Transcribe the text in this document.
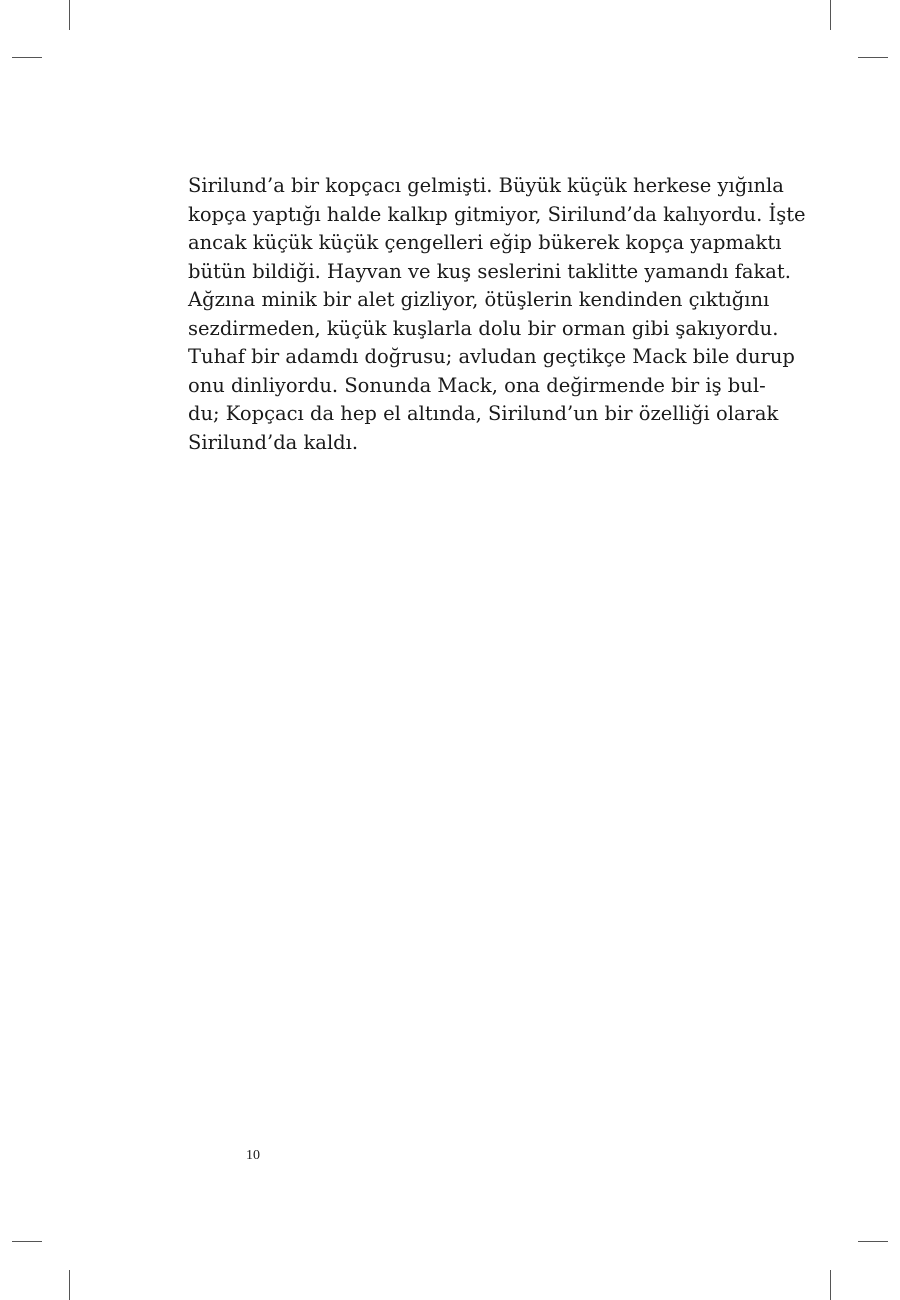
Sirilund’a bir kopçacı gelmişti. Büyük küçük herkese yığınla
kopça yaptığı halde kalkıp gitmiyor, Sirilund’da kalıyordu. İşte
ancak küçük küçük çengelleri eğip bükerek kopça yapmaktı
bütün bildiği. Hayvan ve kuş seslerini taklitte yamandı fakat.
Ağzına minik bir alet gizliyor, ötüşlerin kendinden çıktığını
sezdirmeden, küçük kuşlarla dolu bir orman gibi şakıyordu.
Tuhaf bir adamdı doğrusu; avludan geçtikçe Mack bile durup
onu dinliyordu. Sonunda Mack, ona değirmende bir iş bul-
du; Kopçacı da hep el altında, Sirilund’un bir özelliği olarak
Sirilund’da kaldı.
10
